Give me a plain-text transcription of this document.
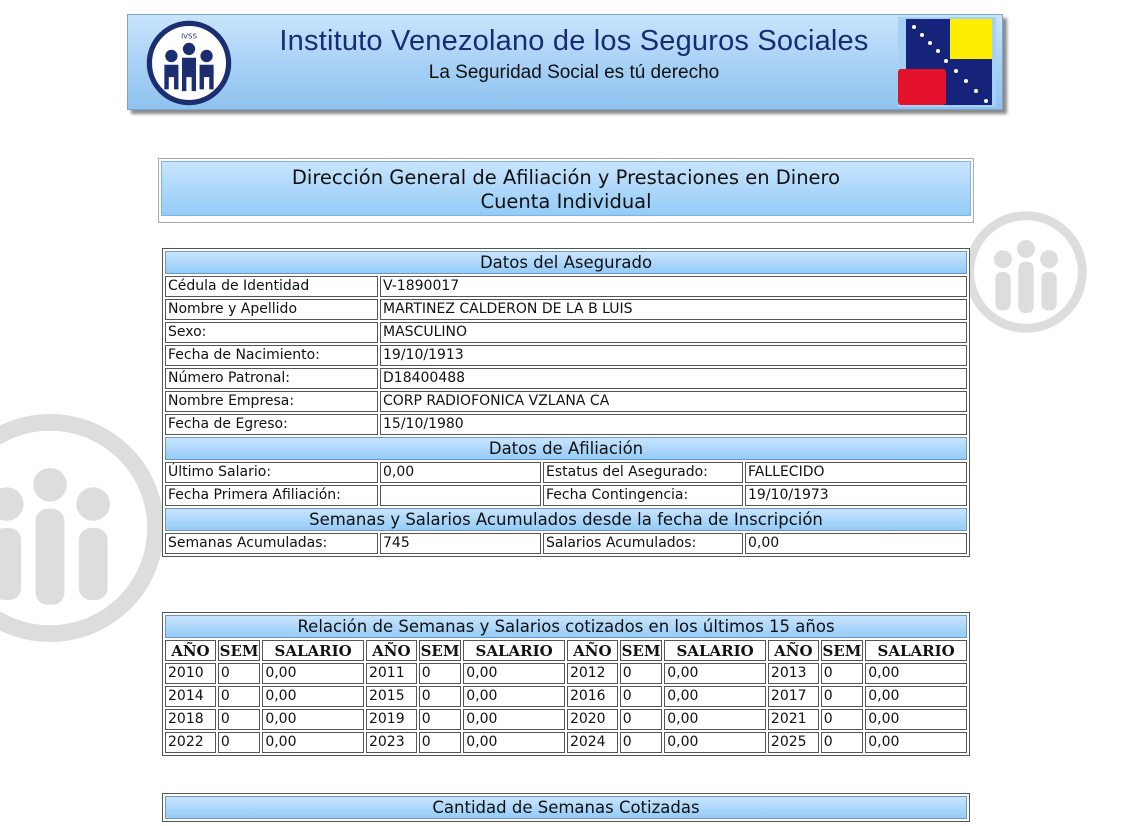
IVSS	Instituto Venezolano de los Seguros Sociales
La Seguridad Social es tú derecho
Dirección General de Afiliación y Prestaciones en Dinero
Cuenta Individual
Datos del Asegurado			
Cédula de Identidad	V-1890017		
Nombre y Apellido	MARTINEZ CALDERON DE LA B LUIS		
Sexo:	MASCULINO		
Fecha de Nacimiento:	19/10/1913		
Número Patronal:	D18400488		
Nombre Empresa:	CORP RADIOFONICA VZLANA CA		
Fecha de Egreso:	15/10/1980		
Datos de Afiliación			
Último Salario:	0,00	Estatus del Asegurado:	FALLECIDO
Fecha Primera Afiliación:		Fecha Contingencia:	19/10/1973
Semanas y Salarios Acumulados desde la fecha de Inscripción			
Semanas Acumuladas:	745	Salarios Acumulados:	0,00
Relación de Semanas y Salarios cotizados en los últimos 15 años											
AÑO	SEM	SALARIO	AÑO	SEM	SALARIO	AÑO	SEM	SALARIO	AÑO	SEM	SALARIO
2010	0	0,00	2011	0	0,00	2012	0	0,00	2013	0	0,00
2014	0	0,00	2015	0	0,00	2016	0	0,00	2017	0	0,00
2018	0	0,00	2019	0	0,00	2020	0	0,00	2021	0	0,00
2022	0	0,00	2023	0	0,00	2024	0	0,00	2025	0	0,00
Cantidad de Semanas Cotizadas
